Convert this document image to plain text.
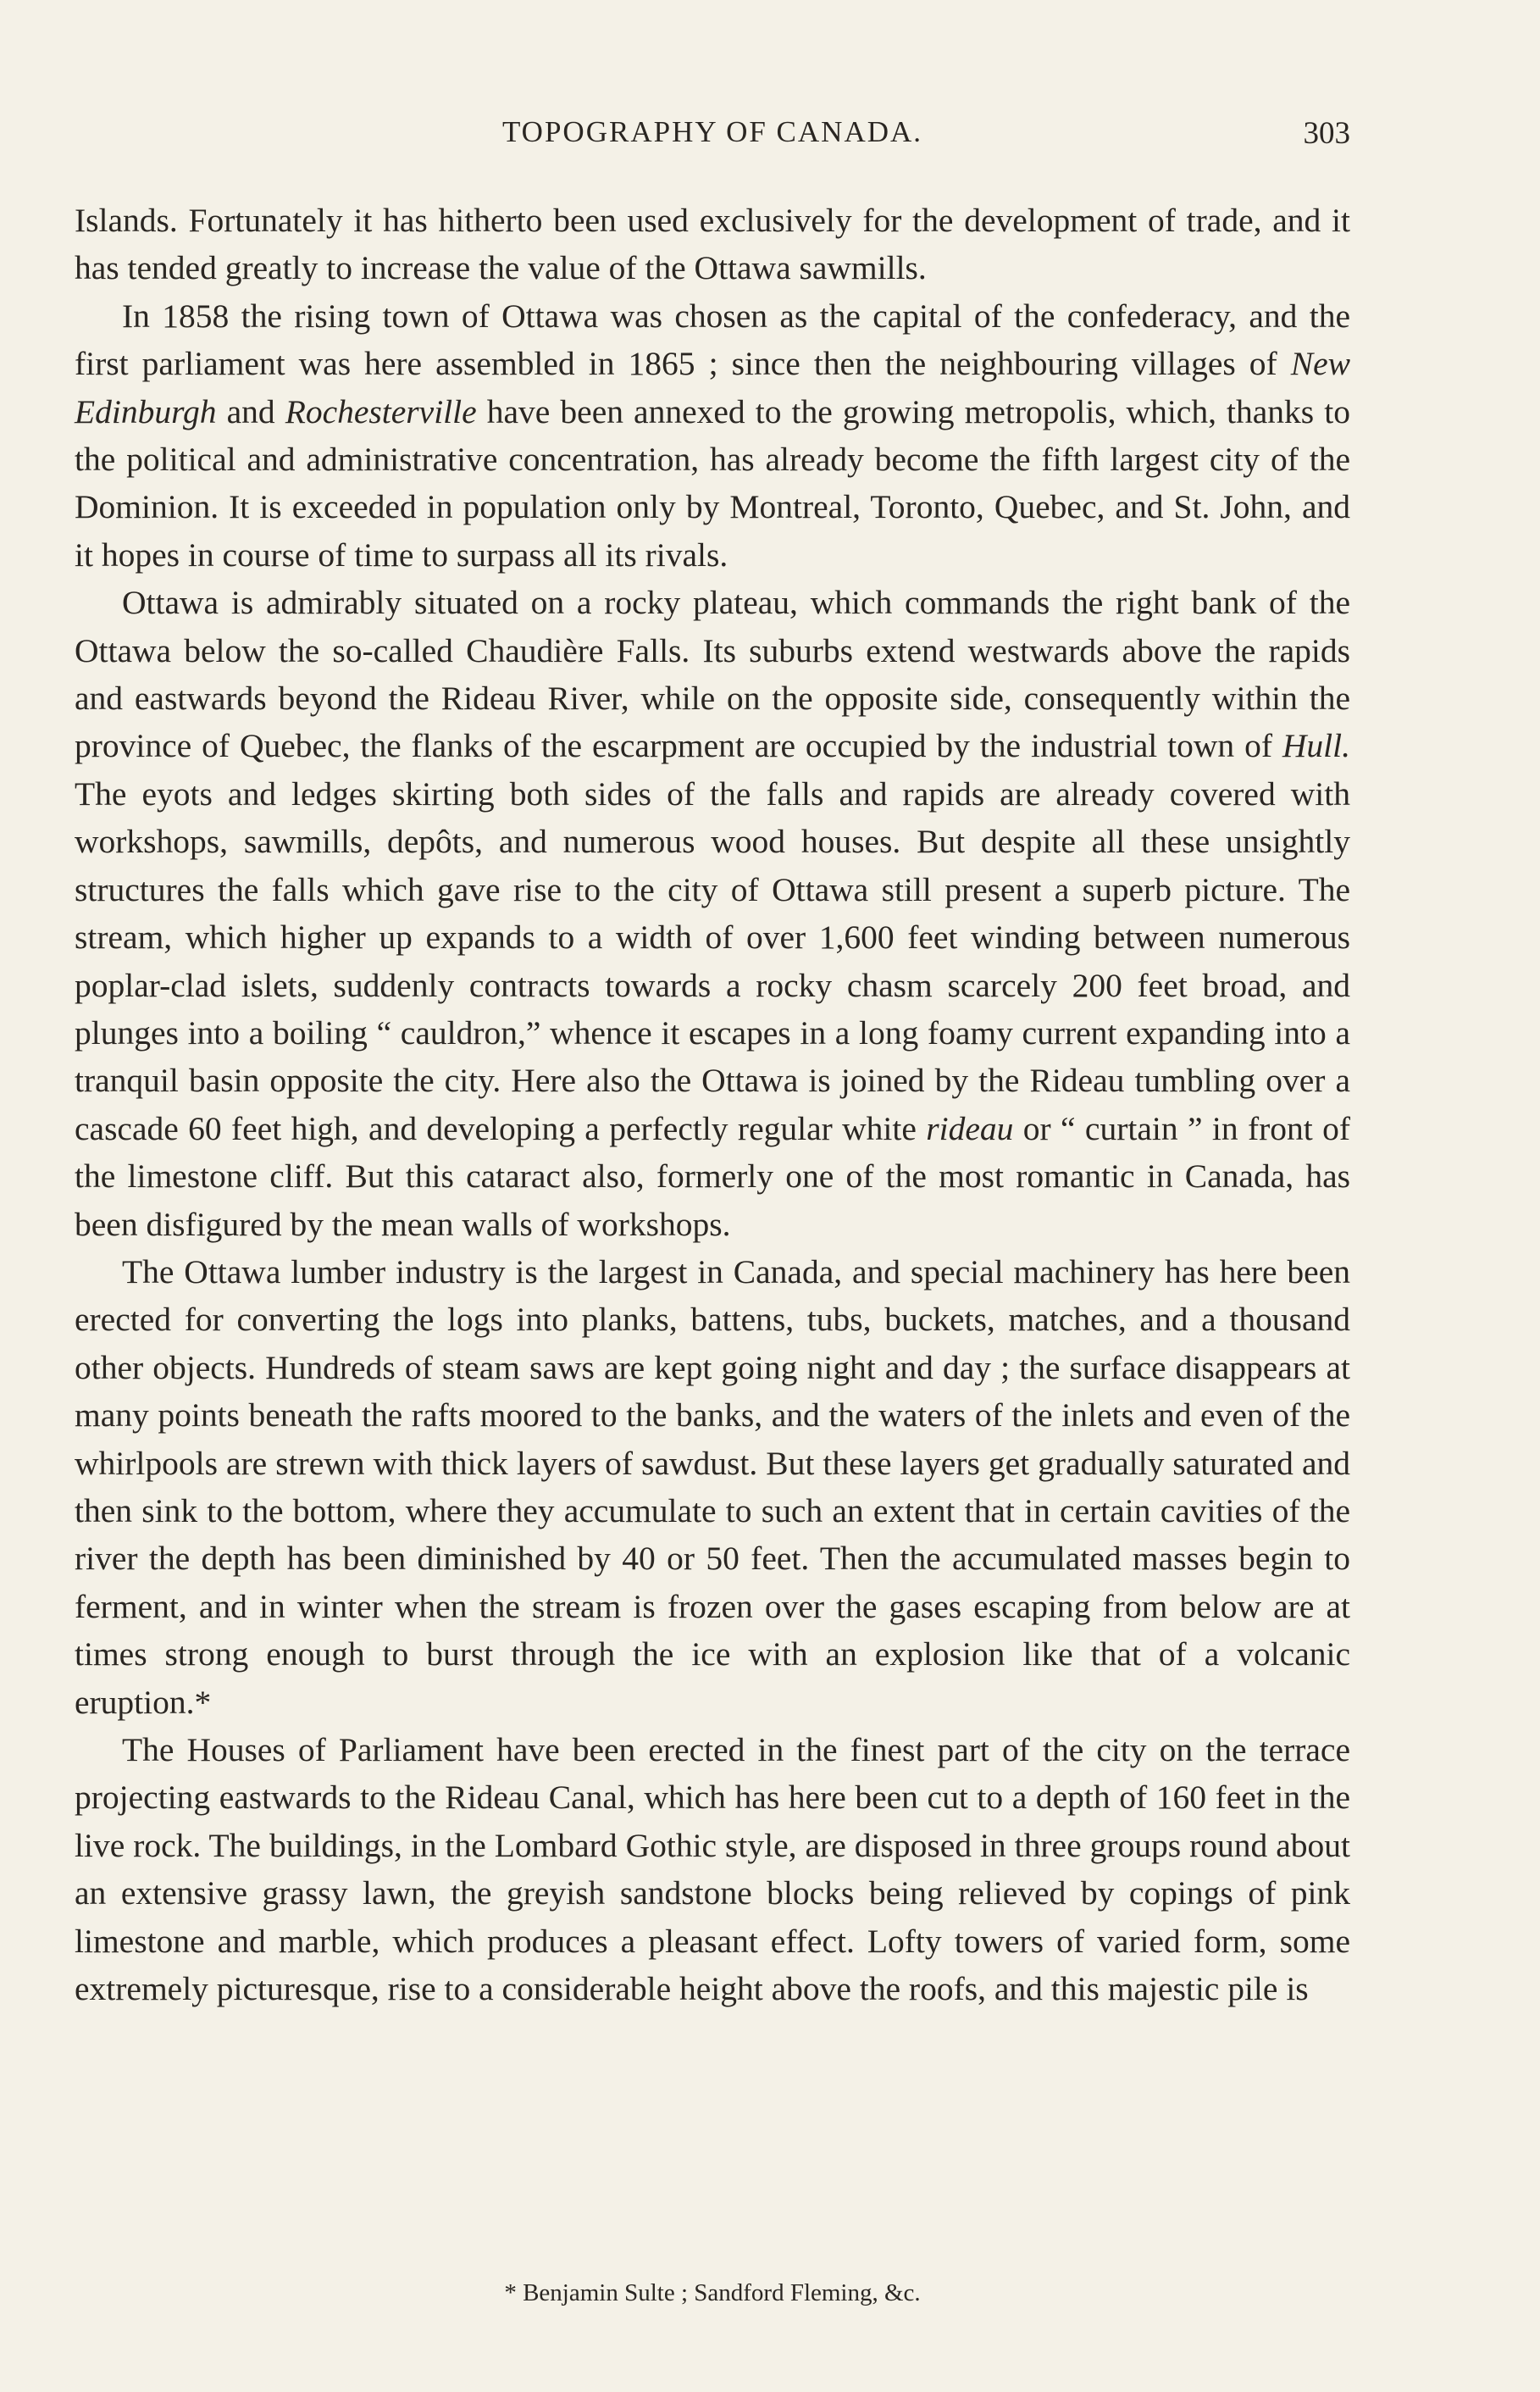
TOPOGRAPHY OF CANADA.	303

Islands. Fortunately it has hitherto been used exclusively for the development of trade, and it has tended greatly to increase the value of the Ottawa sawmills.

In 1858 the rising town of Ottawa was chosen as the capital of the confederacy, and the first parliament was here assembled in 1865 ; since then the neighbouring villages of New Edinburgh and Rochesterville have been annexed to the growing metropolis, which, thanks to the political and administrative concentration, has already become the fifth largest city of the Dominion. It is exceeded in population only by Montreal, Toronto, Quebec, and St. John, and it hopes in course of time to surpass all its rivals.

Ottawa is admirably situated on a rocky plateau, which commands the right bank of the Ottawa below the so-called Chaudière Falls. Its suburbs extend westwards above the rapids and eastwards beyond the Rideau River, while on the opposite side, consequently within the province of Quebec, the flanks of the escarpment are occupied by the industrial town of Hull. The eyots and ledges skirting both sides of the falls and rapids are already covered with workshops, sawmills, depôts, and numerous wood houses. But despite all these unsightly structures the falls which gave rise to the city of Ottawa still present a superb picture. The stream, which higher up expands to a width of over 1,600 feet winding between numerous poplar-clad islets, suddenly contracts towards a rocky chasm scarcely 200 feet broad, and plunges into a boiling “ cauldron,” whence it escapes in a long foamy current expanding into a tranquil basin opposite the city. Here also the Ottawa is joined by the Rideau tumbling over a cascade 60 feet high, and developing a perfectly regular white rideau or “ curtain ” in front of the limestone cliff. But this cataract also, formerly one of the most romantic in Canada, has been disfigured by the mean walls of workshops.

The Ottawa lumber industry is the largest in Canada, and special machinery has here been erected for converting the logs into planks, battens, tubs, buckets, matches, and a thousand other objects. Hundreds of steam saws are kept going night and day ; the surface disappears at many points beneath the rafts moored to the banks, and the waters of the inlets and even of the whirlpools are strewn with thick layers of sawdust. But these layers get gradually saturated and then sink to the bottom, where they accumulate to such an extent that in certain cavities of the river the depth has been diminished by 40 or 50 feet. Then the accumulated masses begin to ferment, and in winter when the stream is frozen over the gases escaping from below are at times strong enough to burst through the ice with an explosion like that of a volcanic eruption.*

The Houses of Parliament have been erected in the finest part of the city on the terrace projecting eastwards to the Rideau Canal, which has here been cut to a depth of 160 feet in the live rock. The buildings, in the Lombard Gothic style, are disposed in three groups round about an extensive grassy lawn, the greyish sandstone blocks being relieved by copings of pink limestone and marble, which produces a pleasant effect. Lofty towers of varied form, some extremely picturesque, rise to a considerable height above the roofs, and this majestic pile is

* Benjamin Sulte ; Sandford Fleming, &c.
